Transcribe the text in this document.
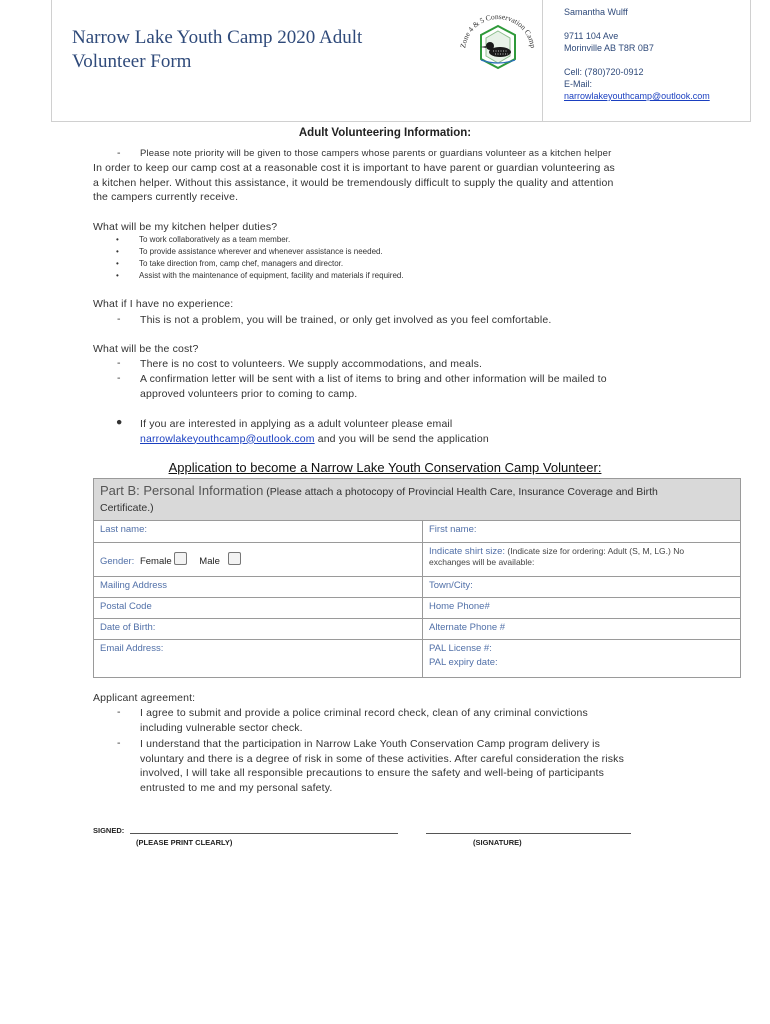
Narrow Lake Youth Camp 2020 Adult
Volunteer Form
Zone 4 & 5 Conservation Camp
Samantha Wulff
9711 104 Ave
Morinville AB T8R 0B7
Cell: (780)720-0912
E-Mail:
narrowlakeyouthcamp@outlook.com
Adult Volunteering Information:
- Please note priority will be given to those campers whose parents or guardians volunteer as a kitchen helper
In order to keep our camp cost at a reasonable cost it is important to have parent or guardian volunteering as
a kitchen helper. Without this assistance, it would be tremendously difficult to supply the quality and attention
the campers currently receive.
What will be my kitchen helper duties?
•	To work collaboratively as a team member.
•	To provide assistance wherever and whenever assistance is needed.
•	To take direction from, camp chef, managers and director.
•	Assist with the maintenance of equipment, facility and materials if required.
What if I have no experience:
- This is not a problem, you will be trained, or only get involved as you feel comfortable.
What will be the cost?
- There is no cost to volunteers. We supply accommodations, and meals.
- A confirmation letter will be sent with a list of items to bring and other information will be mailed to
approved volunteers prior to coming to camp.
● If you are interested in applying as a adult volunteer please email
narrowlakeyouthcamp@outlook.com and you will be send the application
Application to become a Narrow Lake Youth Conservation Camp Volunteer:
Part B: Personal Information (Please attach a photocopy of Provincial Health Care, Insurance Coverage and Birth
Certificate.)	
Last name:	First name:
Gender: Female Male	Indicate shirt size: (Indicate size for ordering: Adult (S, M, LG.) No
exchanges will be available:
Mailing Address	Town/City:
Postal Code	Home Phone#
Date of Birth:	Alternate Phone #
Email Address:	PAL License #:
PAL expiry date:
Applicant agreement:
- I agree to submit and provide a police criminal record check, clean of any criminal convictions
including vulnerable sector check.
- I understand that the participation in Narrow Lake Youth Conservation Camp program delivery is
voluntary and there is a degree of risk in some of these activities. After careful consideration the risks
involved, I will take all responsible precautions to ensure the safety and well-being of participants
entrusted to me and my personal safety.
SIGNED:
(PLEASE PRINT CLEARLY)	(SIGNATURE)
